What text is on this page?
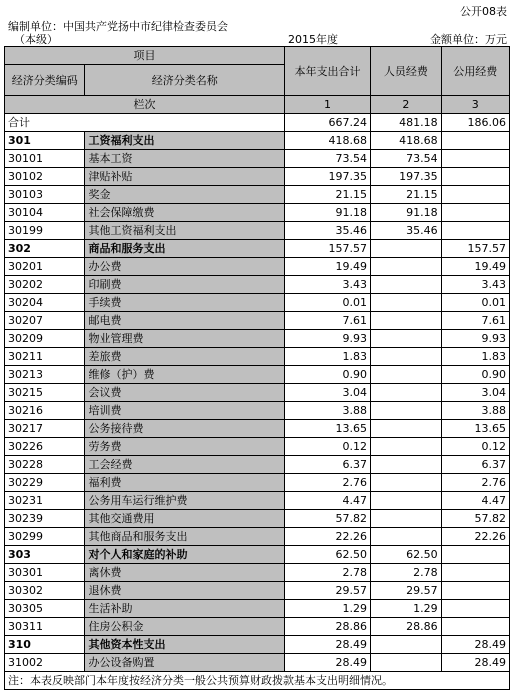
公开08表
编制单位：中国共产党扬中市纪律检查委员会
（本级）	2015年度	金额单位：万元
项目		本年支出合计	人员经费	公用经费
经济分类编码	经济分类名称			
栏次		1	2	3
合计		667.24	481.18	186.06
301	工资福利支出	418.68	418.68	
30101	基本工资	73.54	73.54	
30102	津贴补贴	197.35	197.35	
30103	奖金	21.15	21.15	
30104	社会保障缴费	91.18	91.18	
30199	其他工资福利支出	35.46	35.46	
302	商品和服务支出	157.57		157.57
30201	办公费	19.49		19.49
30202	印刷费	3.43		3.43
30204	手续费	0.01		0.01
30207	邮电费	7.61		7.61
30209	物业管理费	9.93		9.93
30211	差旅费	1.83		1.83
30213	维修（护）费	0.90		0.90
30215	会议费	3.04		3.04
30216	培训费	3.88		3.88
30217	公务接待费	13.65		13.65
30226	劳务费	0.12		0.12
30228	工会经费	6.37		6.37
30229	福利费	2.76		2.76
30231	公务用车运行维护费	4.47		4.47
30239	其他交通费用	57.82		57.82
30299	其他商品和服务支出	22.26		22.26
303	对个人和家庭的补助	62.50	62.50	
30301	离休费	2.78	2.78	
30302	退休费	29.57	29.57	
30305	生活补助	1.29	1.29	
30311	住房公积金	28.86	28.86	
310	其他资本性支出	28.49		28.49
31002	办公设备购置	28.49		28.49
注：本表反映部门本年度按经济分类一般公共预算财政拨款基本支出明细情况。				
